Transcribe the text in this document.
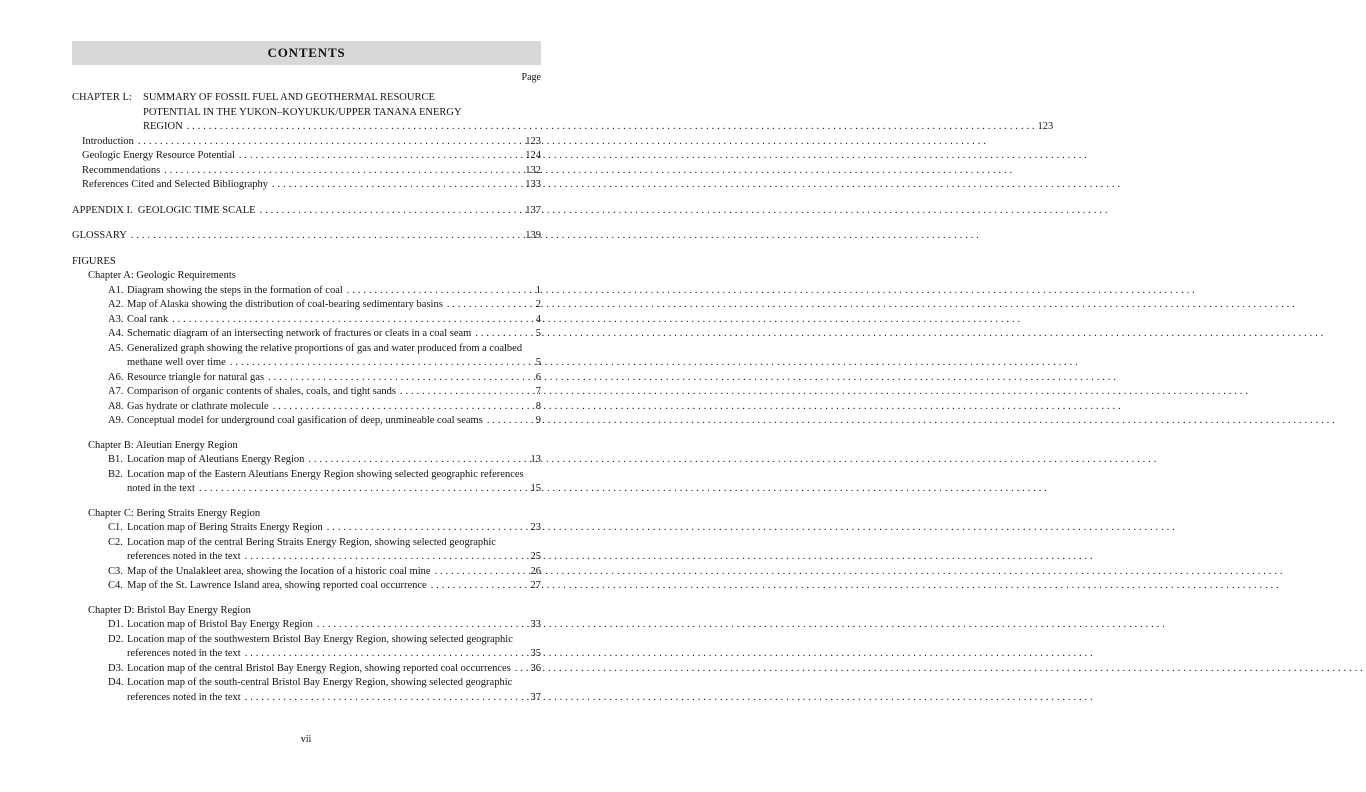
CONTENTS
Page
CHAPTER L:	SUMMARY OF FOSSIL FUEL AND GEOTHERMAL RESOURCE
POTENTIAL IN THE YUKON–KOYUKUK/UPPER TANANA ENERGY
REGION .....	123
Introduction .....	123
Geologic Energy Resource Potential .....	124
Recommendations .....	132
References Cited and Selected Bibliography .....	133
APPENDIX I.  GEOLOGIC TIME SCALE .....	137
GLOSSARY .....	139
FIGURES
Chapter A: Geologic Requirements
A1. Diagram showing the steps in the formation of coal .....	1
A2. Map of Alaska showing the distribution of coal-bearing sedimentary basins .....	2
A3. Coal rank .....	4
A4. Schematic diagram of an intersecting network of fractures or cleats in a coal seam .....	5
A5. Generalized graph showing the relative proportions of gas and water produced from a coalbed
methane well over time .....	5
A6. Resource triangle for natural gas .....	6
A7. Comparison of organic contents of shales, coals, and tight sands .....	7
A8. Gas hydrate or clathrate molecule .....	8
A9. Conceptual model for underground coal gasification of deep, unmineable coal seams .....	9
Chapter B: Aleutian Energy Region
B1. Location map of Aleutians Energy Region .....	13
B2. Location map of the Eastern Aleutians Energy Region showing selected geographic references
noted in the text .....	15
Chapter C: Bering Straits Energy Region
C1. Location map of Bering Straits Energy Region .....	23
C2. Location map of the central Bering Straits Energy Region, showing selected geographic
references noted in the text .....	25
C3. Map of the Unalakleet area, showing the location of a historic coal mine .....	26
C4. Map of the St. Lawrence Island area, showing reported coal occurrence .....	27
Chapter D: Bristol Bay Energy Region
D1. Location map of Bristol Bay Energy Region .....	33
D2. Location map of the southwestern Bristol Bay Energy Region, showing selected geographic
references noted in the text .....	35
D3. Location map of the central Bristol Bay Energy Region, showing reported coal occurrences ..... 36
D4. Location map of the south-central Bristol Bay Energy Region, showing selected geographic
references noted in the text .....	37
vii
